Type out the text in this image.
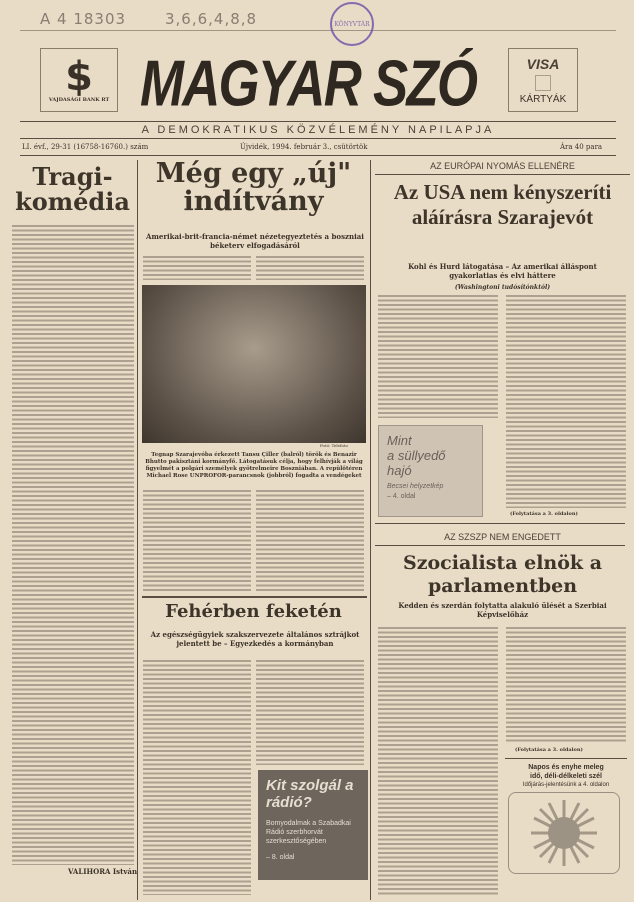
A 4 18303	3,6,6,4,8,8	KÖNYVTÁR
$
VAJDASÁGI BANK RT MAGYAR SZÓ	VISA
KÁRTYÁK
A DEMOKRATIKUS KÖZVÉLEMÉNY NAPILAPJA
LI. évf., 29-31 (16758-16760.) szám	Újvidék, 1994. február 3., csütörtök	Ára 40 para
Tragi-komédia
VALIHORA István
Még egy „új" indítvány
Amerikai-brit-francia-német nézetegyeztetés a boszniai béketerv elfogadásáról
Fotó: Telefoto
Tegnap Szarajevóba érkezett Tansu Çiller (balról) török és Benazir Bhutto pakisztáni kormányfő. Látogatásuk célja, hogy felhívják a világ figyelmét a polgári személyek gyötrelmeire Boszniában. A repülőtéren Michael Rose UNPROFOR-parancsnok (jobbról) fogadta a vendégeket
Fehérben feketén
Az egészségügyiek szakszervezete általános sztrájkot jelentett be – Egyezkedés a kormányban
Kit szolgál a rádió?
Bomyodalmak a Szabadkai Rádió szerbhorvát szerkesztőségében
– 8. oldal
AZ EURÓPAI NYOMÁS ELLENÉRE
Az USA nem kényszeríti aláírásra Szarajevót
Kohl és Hurd látogatása – Az amerikai álláspont gyakorlatias és elvi háttere
(Washingtoni tudósítónktól)
Mint
a süllyedő
hajó
Becsei helyzetkép
– 4. oldal
(Folytatása a 3. oldalon)
AZ SZSZP NEM ENGEDETT
Szocialista elnök a parlamentben
Kedden és szerdán folytatta alakuló ülését a Szerbiai Képviselőház
(Folytatása a 3. oldalon)
Napos és enyhe meleg
idő, déli-délkeleti szél
Időjárás-jelentésünk a 4. oldalon
